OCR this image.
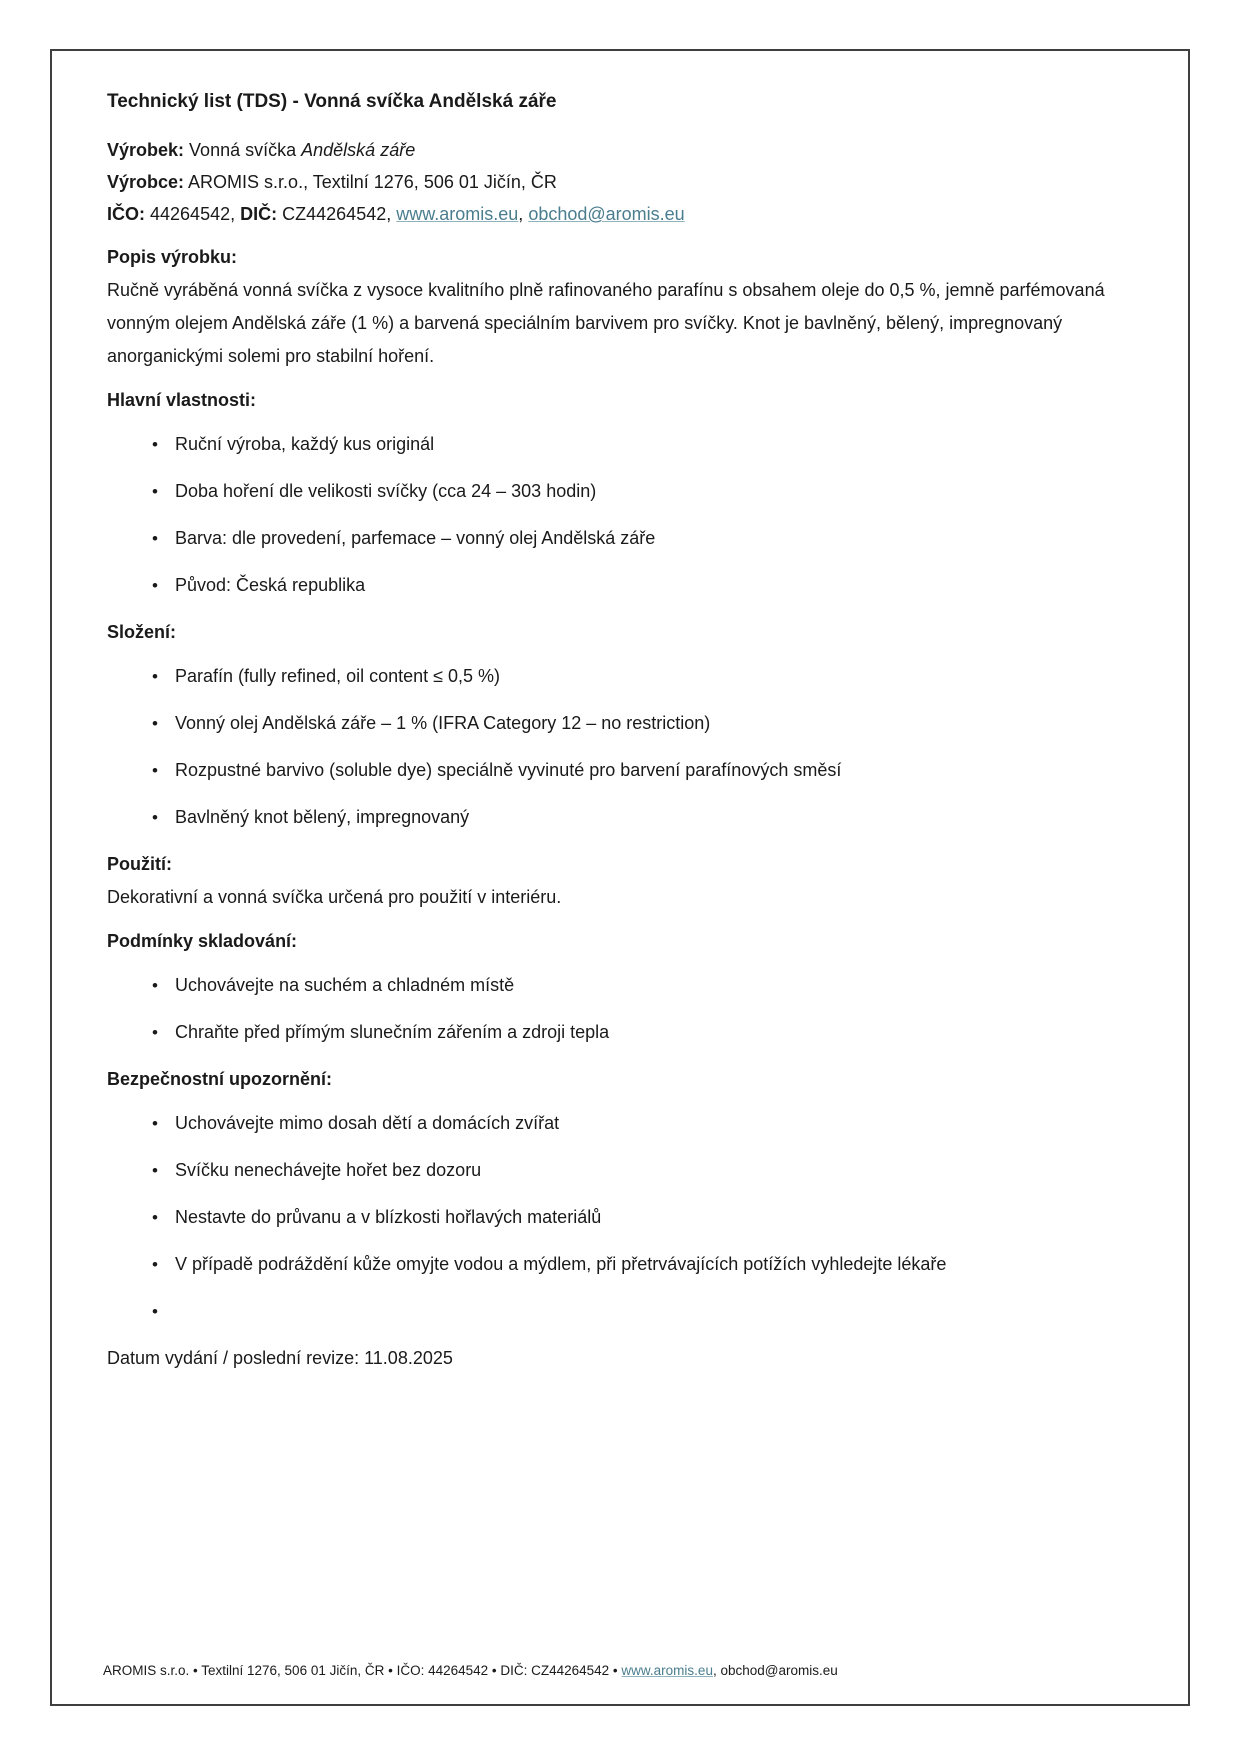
Technický list (TDS) - Vonná svíčka Andělská záře

Výrobek: Vonná svíčka Andělská záře
Výrobce: AROMIS s.r.o., Textilní 1276, 506 01 Jičín, ČR
IČO: 44264542, DIČ: CZ44264542, www.aromis.eu, obchod@aromis.eu

Popis výrobku:

Ručně vyráběná vonná svíčka z vysoce kvalitního plně rafinovaného parafínu s obsahem oleje do 0,5 %, jemně parfémovaná vonným olejem Andělská záře (1 %) a barvená speciálním barvivem pro svíčky. Knot je bavlněný, bělený, impregnovaný anorganickými solemi pro stabilní hoření.

Hlavní vlastnosti:
• Ruční výroba, každý kus originál
• Doba hoření dle velikosti svíčky (cca 24 – 303 hodin)
• Barva: dle provedení, parfemace – vonný olej Andělská záře
• Původ: Česká republika
Složení:
• Parafín (fully refined, oil content ≤ 0,5 %)
• Vonný olej Andělská záře – 1 % (IFRA Category 12 – no restriction)
• Rozpustné barvivo (soluble dye) speciálně vyvinuté pro barvení parafínových směsí
• Bavlněný knot bělený, impregnovaný
Použití:

Dekorativní a vonná svíčka určená pro použití v interiéru.

Podmínky skladování:
• Uchovávejte na suchém a chladném místě
• Chraňte před přímým slunečním zářením a zdroji tepla
Bezpečnostní upozornění:
• Uchovávejte mimo dosah dětí a domácích zvířat
• Svíčku nenechávejte hořet bez dozoru
• Nestavte do průvanu a v blízkosti hořlavých materiálů
• V případě podráždění kůže omyjte vodou a mýdlem, při přetrvávajících potížích vyhledejte lékaře
•

Datum vydání / poslední revize: 11.08.2025

AROMIS s.r.o. • Textilní 1276, 506 01 Jičín, ČR • IČO: 44264542 • DIČ: CZ44264542 • www.aromis.eu, obchod@aromis.eu
